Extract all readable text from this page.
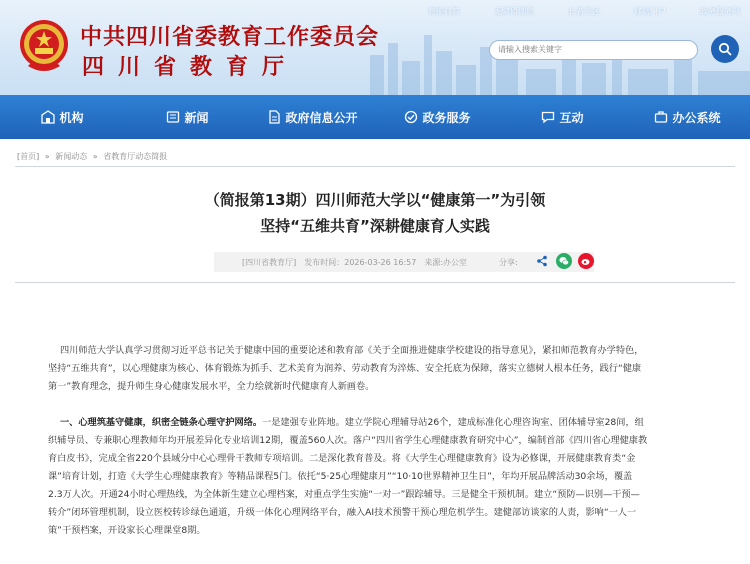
智能问答	无障碍浏览	长者专区	移动门户	政务服务网
中共四川省委教育工作委员会
四川省教育厅
请输入搜索关键字
机构	新闻	政府信息公开	政务服务	互动	办公系统
[首页] » 新闻动态 » 省教育厅动态简报
（简报第13期）四川师范大学以“健康第一”为引领
坚持“五维共育”深耕健康育人实践
[四川省教育厅] 发布时间：2026-03-26 16:57 来源:办公室	分享:
四川师范大学认真学习贯彻习近平总书记关于健康中国的重要论述和教育部《关于全面推进健康学校建设的指导意见》，紧扣师范教育办学特色，
坚持“五维共育”，以心理健康为核心、体育锻炼为抓手、艺术美育为润养、劳动教育为淬炼、安全托底为保障，落实立德树人根本任务，践行“健康
第一”教育理念，提升师生身心健康发展水平，全力绘就新时代健康育人新画卷。
一、心理筑基守健康，织密全链条心理守护网络。一是建强专业阵地。建立学院心理辅导站26个，建成标准化心理咨询室、团体辅导室28间，组
织辅导员、专兼职心理教师年均开展差异化专业培训12期，覆盖560人次。落户“四川省学生心理健康教育研究中心”，编制首部《四川省心理健康教
育白皮书》，完成全省220个县域分中心心理骨干教师专项培训。二是深化教育普及。将《大学生心理健康教育》设为必修课，开展健康教育类“金
课”培育计划，打造《大学生心理健康教育》等精品课程5门。依托“5·25心理健康月”“10·10世界精神卫生日”，年均开展品牌活动30余场，覆盖
2.3万人次。开通24小时心理热线，为全体新生建立心理档案，对重点学生实施“一对一”跟踪辅导。三是健全干预机制。建立“预防—识别—干预—
转介”闭环管理机制，设立医校转诊绿色通道，升级一体化心理网络平台，融入AI技术预警干预心理危机学生。建健部访谈家的人责，影响“一人一
策”干预档案，开设家长心理课堂8期。
